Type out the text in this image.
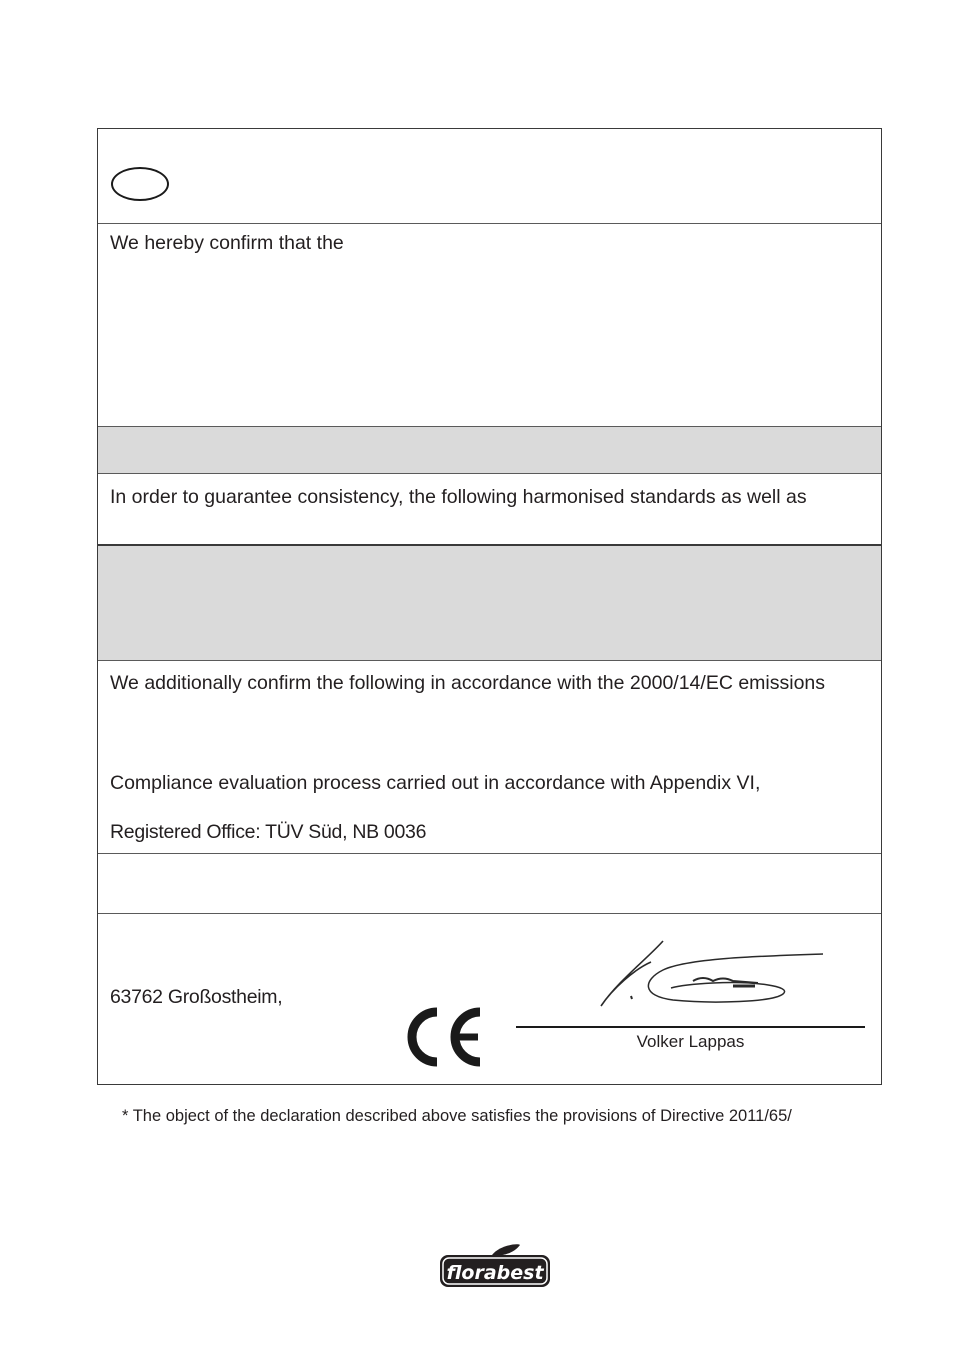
We hereby confirm that the
In order to guarantee consistency, the following harmonised standards as well as
We additionally confirm the following in accordance with the 2000/14/EC emissions
Compliance evaluation process carried out in accordance with Appendix VI,
Registered Office: TÜV Süd, NB 0036
63762 Großostheim,
Volker Lappas
* The object of the declaration described above satisfies the provisions of Directive 2011/65/
florabest
